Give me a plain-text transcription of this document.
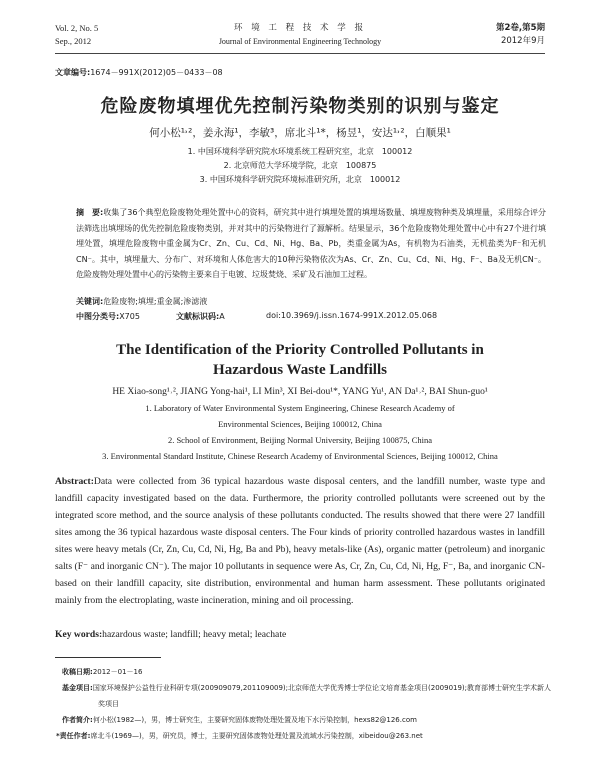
Vol. 2, No. 5
Sep., 2012
环 境 工 程 技 术 学 报
Journal of Environmental Engineering Technology
第2卷,第5期
2012年9月
文章编号:1674－991X(2012)05－0433－08
危险废物填埋优先控制污染物类别的识别与鉴定
何小松¹˒²，姜永海¹，李敏³，席北斗¹*，杨昱¹，安达¹˒²，白顺果¹
1. 中国环境科学研究院水环境系统工程研究室，北京　100012
2. 北京师范大学环境学院，北京　100875
3. 中国环境科学研究院环境标准研究所，北京　100012
摘　要:收集了36个典型危险废物处理处置中心的资料，研究其中进行填埋处置的填埋场数量、填埋废物种类及填埋量，采用综合评分法筛选出填埋场的优先控制危险废物类别，并对其中的污染物进行了源解析。结果显示，36个危险废物处理处置中心中有27个进行填埋处置，填埋危险废物中重金属为Cr、Zn、Cu、Cd、Ni、Hg、Ba、Pb，类重金属为As，有机物为石油类，无机盐类为F⁻和无机CN⁻。其中，填埋量大、分布广、对环境和人体危害大的10种污染物依次为As、Cr、Zn、Cu、Cd、Ni、Hg、F⁻、Ba及无机CN⁻。危险废物处理处置中心的污染物主要来自于电镀、垃圾焚烧、采矿及石油加工过程。
关键词:危险废物;填埋;重金属;渗滤液
中图分类号:X705	文献标识码:A	doi:10.3969/j.issn.1674-991X.2012.05.068
The Identification of the Priority Controlled Pollutants in Hazardous Waste Landfills
HE Xiao-song¹˒², JIANG Yong-hai¹, LI Min³, XI Bei-dou¹*, YANG Yu¹, AN Da¹˒², BAI Shun-guo¹
1. Laboratory of Water Environmental System Engineering, Chinese Research Academy of
Environmental Sciences, Beijing 100012, China
2. School of Environment, Beijing Normal University, Beijing 100875, China
3. Environmental Standard Institute, Chinese Research Academy of Environmental Sciences, Beijing 100012, China
Abstract:Data were collected from 36 typical hazardous waste disposal centers, and the landfill number, waste type and landfill capacity investigated based on the data. Furthermore, the priority controlled pollutants were screened out by the integrated score method, and the source analysis of these pollutants conducted. The results showed that there were 27 landfill sites among the 36 typical hazardous waste disposal centers. The Four kinds of priority controlled hazardous wastes in landfill sites were heavy metals (Cr, Zn, Cu, Cd, Ni, Hg, Ba and Pb), heavy metals-like (As), organic matter (petroleum) and inorganic salts (F⁻ and inorganic CN⁻). The major 10 pollutants in sequence were As, Cr, Zn, Cu, Cd, Ni, Hg, F⁻, Ba, and inorganic CN-based on their landfill capacity, site distribution, environmental and human harm assessment. These pollutants originated mainly from the electroplating, waste incineration, mining and oil processing.
Key words:hazardous waste; landfill; heavy metal; leachate
收稿日期:2012－01－16
基金项目:国家环境保护公益性行业科研专项(200909079,201109009);北京师范大学优秀博士学位论文培育基金项目(2009019);教育部博士研究生学术新人奖项目
作者简介:何小松(1982—)，男，博士研究生，主要研究固体废物处理处置及地下水污染控制，hexs82@126.com
*责任作者:席北斗(1969—)，男，研究员，博士，主要研究固体废物处理处置及流域水污染控制，xibeidou@263.net
